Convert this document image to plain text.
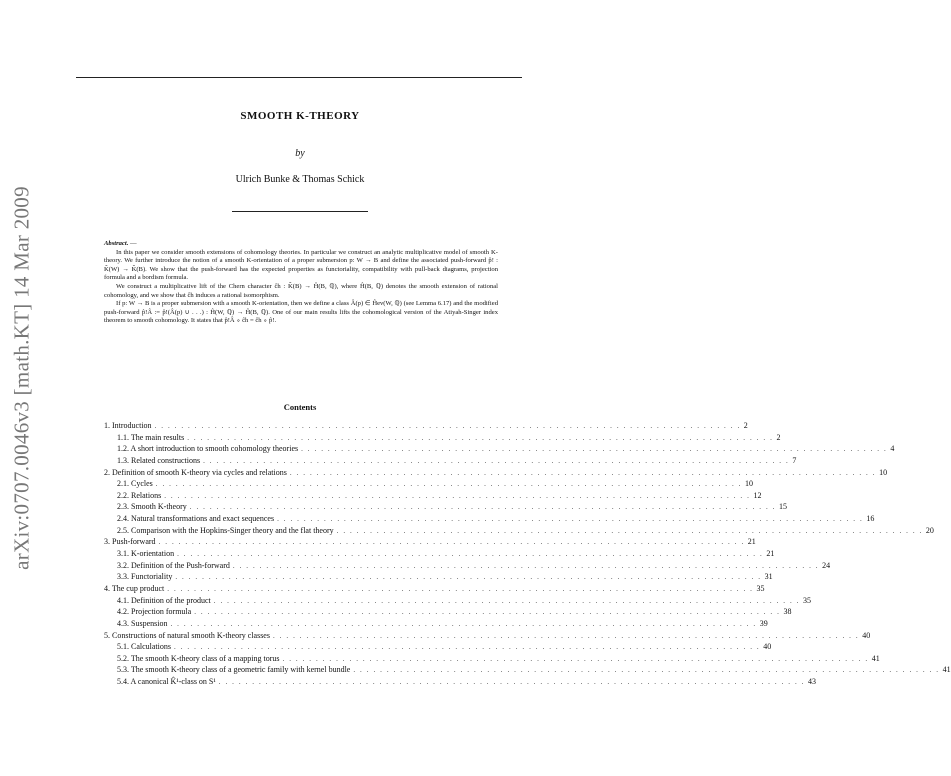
arXiv:0707.0046v3 [math.KT] 14 Mar 2009
SMOOTH K-THEORY
by
Ulrich Bunke & Thomas Schick
Abstract. —

In this paper we consider smooth extensions of cohomology theories. In particular we construct an analytic multiplicative model of smooth K-theory. We further introduce the notion of a smooth K-orientation of a proper submersion p: W → B and define the associated push-forward p̂! : K̂(W) → K̂(B). We show that the push-forward has the expected properties as functoriality, compatibility with pull-back diagrams, projection formula and a bordism formula.

We construct a multiplicative lift of the Chern character ĉh : K̂(B) → Ĥ(B, ℚ), where Ĥ(B, ℚ) denotes the smooth extension of rational cohomology, and we show that ĉh induces a rational isomorphism.

If p: W → B is a proper submersion with a smooth K-orientation, then we define a class Â(p) ∈ Ĥev(W, ℚ) (see Lemma 6.17) and the modified push-forward p̂!Â := p̂!(Â(p) ∪ . . .) : Ĥ(W, ℚ) → Ĥ(B, ℚ). One of our main results lifts the cohomological version of the Atiyah-Singer index theorem to smooth cohomology. It states that p̂!Â ∘ ĉh = ĉh ∘ p̂!.

Contents
1. Introduction . . . . . . . . . . . . . . . . . . . . . . . . . . . . . . . . . . . . . . . . . . . . . . . . . . . . . . . . . . . . . . . . . . . . . . . . . . . . . . . . . . . . . . . . 2
1.1. The main results . . . . . . . . . . . . . . . . . . . . . . . . . . . . . . . . . . . . . . . . . . . . . . . . . . . . . . . . . . . . . . . . . . . . . . . . . . . . . . . . . . . . . . . . 2
1.2. A short introduction to smooth cohomology theories . . . . . . . . . . . . . . . . . . . . . . . . . . . . . . . . . . . . . . . . . . . . . . . . . . . . . . . . . . . . . . . . . . . . . . . . . . . . . . . . . . . . . . . . 4
1.3. Related constructions . . . . . . . . . . . . . . . . . . . . . . . . . . . . . . . . . . . . . . . . . . . . . . . . . . . . . . . . . . . . . . . . . . . . . . . . . . . . . . . . . . . . . . . . 7
2. Definition of smooth K-theory via cycles and relations . . . . . . . . . . . . . . . . . . . . . . . . . . . . . . . . . . . . . . . . . . . . . . . . . . . . . . . . . . . . . . . . . . . . . . . . . . . . . . . . . . . . . . . . 10
2.1. Cycles . . . . . . . . . . . . . . . . . . . . . . . . . . . . . . . . . . . . . . . . . . . . . . . . . . . . . . . . . . . . . . . . . . . . . . . . . . . . . . . . . . . . . . . . 10
2.2. Relations . . . . . . . . . . . . . . . . . . . . . . . . . . . . . . . . . . . . . . . . . . . . . . . . . . . . . . . . . . . . . . . . . . . . . . . . . . . . . . . . . . . . . . . . 12
2.3. Smooth K-theory . . . . . . . . . . . . . . . . . . . . . . . . . . . . . . . . . . . . . . . . . . . . . . . . . . . . . . . . . . . . . . . . . . . . . . . . . . . . . . . . . . . . . . . . 15
2.4. Natural transformations and exact sequences . . . . . . . . . . . . . . . . . . . . . . . . . . . . . . . . . . . . . . . . . . . . . . . . . . . . . . . . . . . . . . . . . . . . . . . . . . . . . . . . . . . . . . . . 16
2.5. Comparison with the Hopkins-Singer theory and the flat theory . . . . . . . . . . . . . . . . . . . . . . . . . . . . . . . . . . . . . . . . . . . . . . . . . . . . . . . . . . . . . . . . . . . . . . . . . . . . . . . . . . . . . . . . 20
3. Push-forward . . . . . . . . . . . . . . . . . . . . . . . . . . . . . . . . . . . . . . . . . . . . . . . . . . . . . . . . . . . . . . . . . . . . . . . . . . . . . . . . . . . . . . . . 21
3.1. K-orientation . . . . . . . . . . . . . . . . . . . . . . . . . . . . . . . . . . . . . . . . . . . . . . . . . . . . . . . . . . . . . . . . . . . . . . . . . . . . . . . . . . . . . . . . 21
3.2. Definition of the Push-forward . . . . . . . . . . . . . . . . . . . . . . . . . . . . . . . . . . . . . . . . . . . . . . . . . . . . . . . . . . . . . . . . . . . . . . . . . . . . . . . . . . . . . . . . 24
3.3. Functoriality . . . . . . . . . . . . . . . . . . . . . . . . . . . . . . . . . . . . . . . . . . . . . . . . . . . . . . . . . . . . . . . . . . . . . . . . . . . . . . . . . . . . . . . . 31
4. The cup product . . . . . . . . . . . . . . . . . . . . . . . . . . . . . . . . . . . . . . . . . . . . . . . . . . . . . . . . . . . . . . . . . . . . . . . . . . . . . . . . . . . . . . . . 35
4.1. Definition of the product . . . . . . . . . . . . . . . . . . . . . . . . . . . . . . . . . . . . . . . . . . . . . . . . . . . . . . . . . . . . . . . . . . . . . . . . . . . . . . . . . . . . . . . . 35
4.2. Projection formula . . . . . . . . . . . . . . . . . . . . . . . . . . . . . . . . . . . . . . . . . . . . . . . . . . . . . . . . . . . . . . . . . . . . . . . . . . . . . . . . . . . . . . . . 38
4.3. Suspension . . . . . . . . . . . . . . . . . . . . . . . . . . . . . . . . . . . . . . . . . . . . . . . . . . . . . . . . . . . . . . . . . . . . . . . . . . . . . . . . . . . . . . . . 39
5. Constructions of natural smooth K-theory classes . . . . . . . . . . . . . . . . . . . . . . . . . . . . . . . . . . . . . . . . . . . . . . . . . . . . . . . . . . . . . . . . . . . . . . . . . . . . . . . . . . . . . . . . 40
5.1. Calculations . . . . . . . . . . . . . . . . . . . . . . . . . . . . . . . . . . . . . . . . . . . . . . . . . . . . . . . . . . . . . . . . . . . . . . . . . . . . . . . . . . . . . . . . 40
5.2. The smooth K-theory class of a mapping torus . . . . . . . . . . . . . . . . . . . . . . . . . . . . . . . . . . . . . . . . . . . . . . . . . . . . . . . . . . . . . . . . . . . . . . . . . . . . . . . . . . . . . . . . 41
5.3. The smooth K-theory class of a geometric family with kernel bundle . . . . . . . . . . . . . . . . . . . . . . . . . . . . . . . . . . . . . . . . . . . . . . . . . . . . . . . . . . . . . . . . . . . . . . . . . . . . . . . . . . . . . . . . 41
5.4. A canonical K̂¹-class on S¹ . . . . . . . . . . . . . . . . . . . . . . . . . . . . . . . . . . . . . . . . . . . . . . . . . . . . . . . . . . . . . . . . . . . . . . . . . . . . . . . . . . . . . . . . 43
